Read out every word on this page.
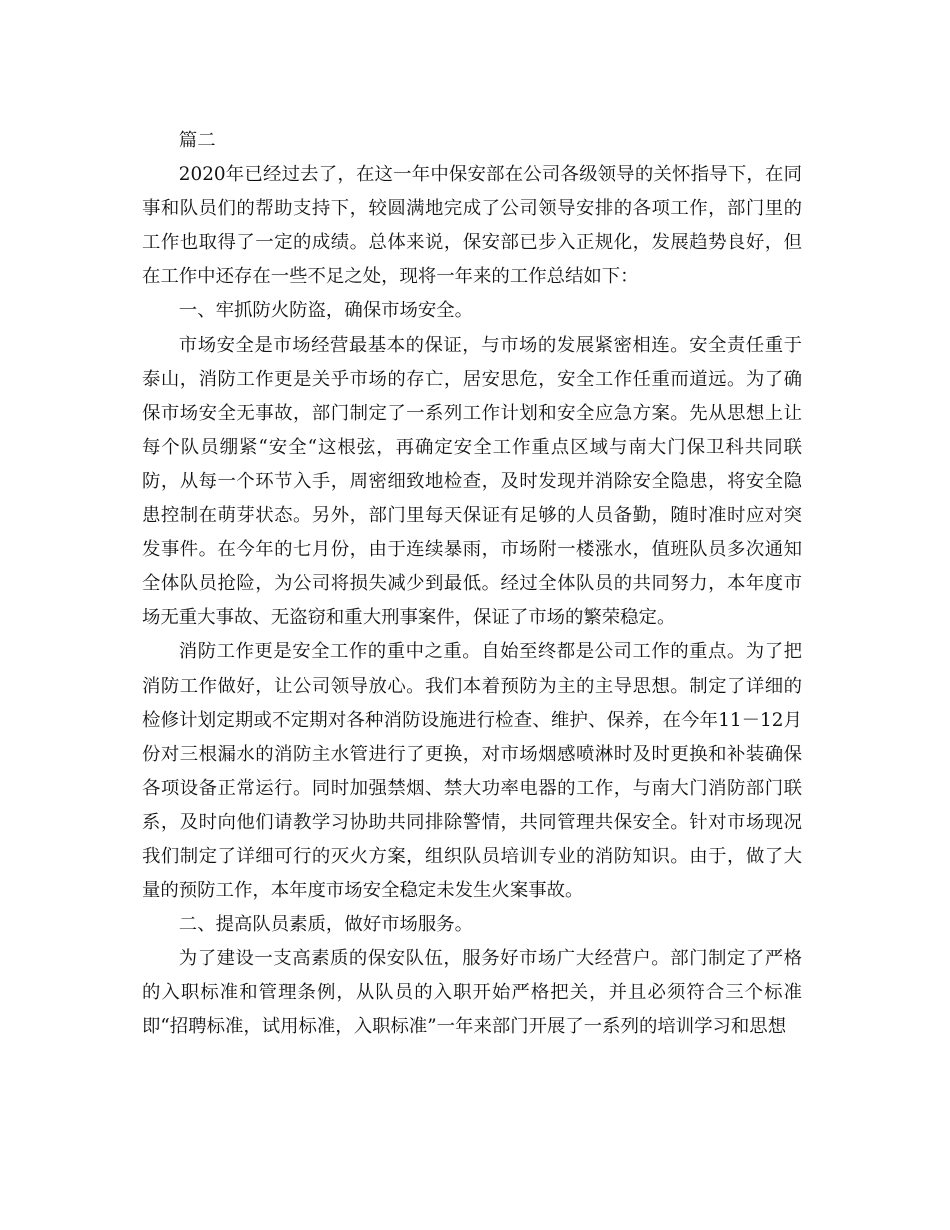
篇二

2020年已经过去了，在这一年中保安部在公司各级领导的关怀指导下，在同事和队员们的帮助支持下，较圆满地完成了公司领导安排的各项工作，部门里的工作也取得了一定的成绩。总体来说，保安部已步入正规化，发展趋势良好，但在工作中还存在一些不足之处，现将一年来的工作总结如下：

一、牢抓防火防盗，确保市场安全。

市场安全是市场经营最基本的保证，与市场的发展紧密相连。安全责任重于泰山，消防工作更是关乎市场的存亡，居安思危，安全工作任重而道远。为了确保市场安全无事故，部门制定了一系列工作计划和安全应急方案。先从思想上让每个队员绷紧“安全“这根弦，再确定安全工作重点区域与南大门保卫科共同联防，从每一个环节入手，周密细致地检查，及时发现并消除安全隐患，将安全隐患控制在萌芽状态。另外，部门里每天保证有足够的人员备勤，随时准时应对突发事件。在今年的七月份，由于连续暴雨，市场附一楼涨水，值班队员多次通知全体队员抢险，为公司将损失减少到最低。经过全体队员的共同努力，本年度市场无重大事故、无盗窃和重大刑事案件，保证了市场的繁荣稳定。

消防工作更是安全工作的重中之重。自始至终都是公司工作的重点。为了把消防工作做好，让公司领导放心。我们本着预防为主的主导思想。制定了详细的检修计划定期或不定期对各种消防设施进行检查、维护、保养，在今年11－12月份对三根漏水的消防主水管进行了更换，对市场烟感喷淋时及时更换和补装确保各项设备正常运行。同时加强禁烟、禁大功率电器的工作，与南大门消防部门联系，及时向他们请教学习协助共同排除警情，共同管理共保安全。针对市场现况我们制定了详细可行的灭火方案，组织队员培训专业的消防知识。由于，做了大量的预防工作，本年度市场安全稳定未发生火案事故。

二、提高队员素质，做好市场服务。

为了建设一支高素质的保安队伍，服务好市场广大经营户。部门制定了严格的入职标准和管理条例，从队员的入职开始严格把关，并且必须符合三个标准即“招聘标准，试用标准，入职标准”一年来部门开展了一系列的培训学习和思想
